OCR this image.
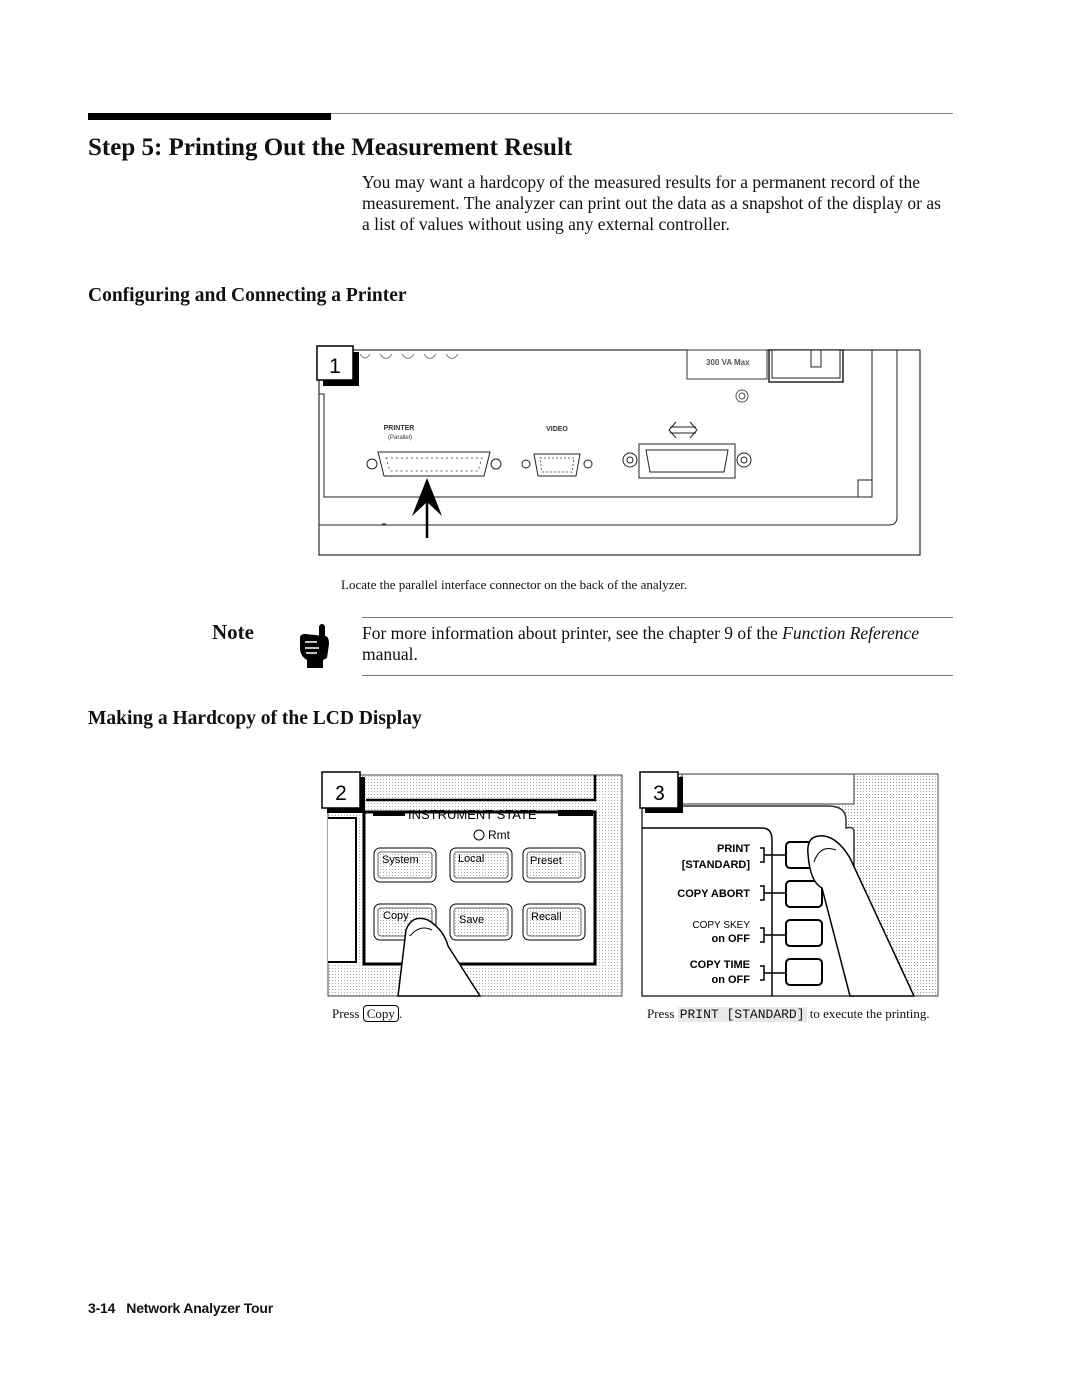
Step 5: Printing Out the Measurement Result

You may want a hardcopy of the measured results for a permanent record of the measurement. The analyzer can print out the data as a snapshot of the display or as a list of values without using any external controller.

Configuring and Connecting a Printer
1	300 VA Max
PRINTER
(Parallel)
VIDEO

Locate the parallel interface connector on the back of the analyzer.

Note	For more information about printer, see the chapter 9 of the Function Reference manual.

Making a Hardcopy of the LCD Display
INSTRUMENT STATE
Rmt
System	Local	Preset
Copy	Save	Recall
2

Press Copy .

PRINT
[STANDARD]
COPY ABORT
COPY SKEY
on OFF
COPY TIME
on OFF
3

Press PRINT [STANDARD] to execute the printing.

3-14   Network Analyzer Tour
